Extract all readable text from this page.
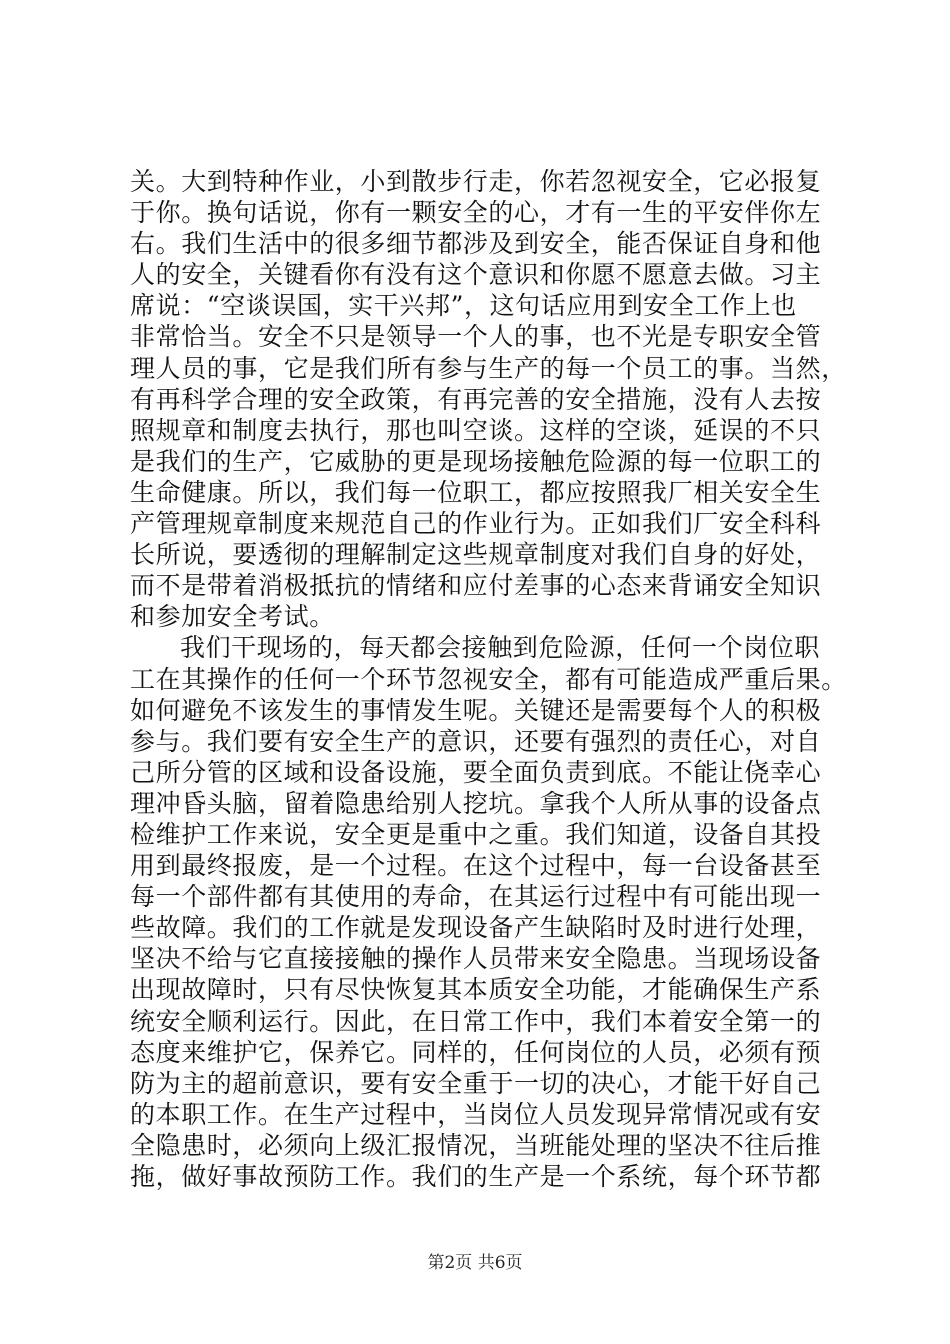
关。大到特种作业，小到散步行走，你若忽视安全，它必报复
于你。换句话说，你有一颗安全的心，才有一生的平安伴你左
右。我们生活中的很多细节都涉及到安全，能否保证自身和他
人的安全，关键看你有没有这个意识和你愿不愿意去做。习主
席说：“空谈误国，实干兴邦”，这句话应用到安全工作上也
非常恰当。安全不只是领导一个人的事，也不光是专职安全管
理人员的事，它是我们所有参与生产的每一个员工的事。当然，
有再科学合理的安全政策，有再完善的安全措施，没有人去按
照规章和制度去执行，那也叫空谈。这样的空谈，延误的不只
是我们的生产，它威胁的更是现场接触危险源的每一位职工的
生命健康。所以，我们每一位职工，都应按照我厂相关安全生
产管理规章制度来规范自己的作业行为。正如我们厂安全科科
长所说，要透彻的理解制定这些规章制度对我们自身的好处，
而不是带着消极抵抗的情绪和应付差事的心态来背诵安全知识
和参加安全考试。
我们干现场的，每天都会接触到危险源，任何一个岗位职
工在其操作的任何一个环节忽视安全，都有可能造成严重后果。
如何避免不该发生的事情发生呢。关键还是需要每个人的积极
参与。我们要有安全生产的意识，还要有强烈的责任心，对自
己所分管的区域和设备设施，要全面负责到底。不能让侥幸心
理冲昏头脑，留着隐患给别人挖坑。拿我个人所从事的设备点
检维护工作来说，安全更是重中之重。我们知道，设备自其投
用到最终报废，是一个过程。在这个过程中，每一台设备甚至
每一个部件都有其使用的寿命，在其运行过程中有可能出现一
些故障。我们的工作就是发现设备产生缺陷时及时进行处理，
坚决不给与它直接接触的操作人员带来安全隐患。当现场设备
出现故障时，只有尽快恢复其本质安全功能，才能确保生产系
统安全顺利运行。因此，在日常工作中，我们本着安全第一的
态度来维护它，保养它。同样的，任何岗位的人员，必须有预
防为主的超前意识，要有安全重于一切的决心，才能干好自己
的本职工作。在生产过程中，当岗位人员发现异常情况或有安
全隐患时，必须向上级汇报情况，当班能处理的坚决不往后推
拖，做好事故预防工作。我们的生产是一个系统，每个环节都
第2页 共6页
